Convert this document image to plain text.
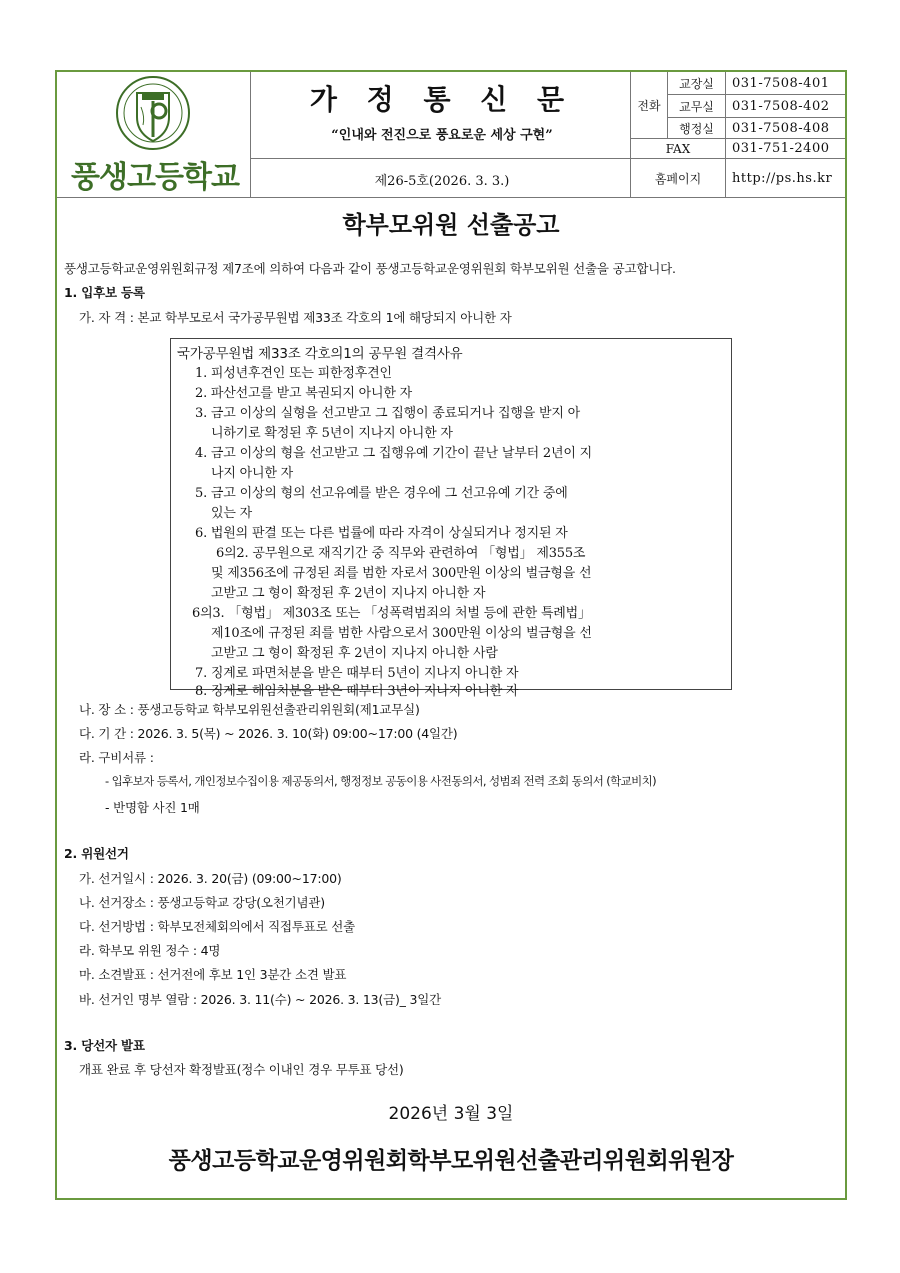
풍생고등학교
가 정 통 신 문
“인내와 전진으로 풍요로운 세상 구현”
제26-5호(2026. 3. 3.)
전화
교장실	031-7508-401
교무실	031-7508-402
행정실	031-7508-408
FAX	031-751-2400
홈페이지	http://ps.hs.kr
학부모위원 선출공고
풍생고등학교운영위원회규정 제7조에 의하여 다음과 같이 풍생고등학교운영위원회 학부모위원 선출을 공고합니다.
1. 입후보 등록
가. 자 격 : 본교 학부모로서 국가공무원법 제33조 각호의 1에 해당되지 아니한 자
국가공무원법 제33조 각호의1의 공무원 결격사유
1. 피성년후견인 또는 피한정후견인
2. 파산선고를 받고 복권되지 아니한 자
3. 금고 이상의 실형을 선고받고 그 집행이 종료되거나 집행을 받지 아
니하기로 확정된 후 5년이 지나지 아니한 자
4. 금고 이상의 형을 선고받고 그 집행유예 기간이 끝난 날부터 2년이 지
나지 아니한 자
5. 금고 이상의 형의 선고유예를 받은 경우에 그 선고유예 기간 중에
있는 자
6. 법원의 판결 또는 다른 법률에 따라 자격이 상실되거나 정지된 자
6의2. 공무원으로 재직기간 중 직무와 관련하여 「형법」 제355조
및 제356조에 규정된 죄를 범한 자로서 300만원 이상의 벌금형을 선
고받고 그 형이 확정된 후 2년이 지나지 아니한 자
6의3. 「형법」 제303조 또는 「성폭력범죄의 처벌 등에 관한 특례법」
제10조에 규정된 죄를 범한 사람으로서 300만원 이상의 벌금형을 선
고받고 그 형이 확정된 후 2년이 지나지 아니한 사람
7. 징계로 파면처분을 받은 때부터 5년이 지나지 아니한 자
8. 징계로 해임처분을 받은 때부터 3년이 지나지 아니한 자
나. 장 소 : 풍생고등학교 학부모위원선출관리위원회(제1교무실)
다. 기 간 : 2026. 3. 5(목) ~ 2026. 3. 10(화) 09:00~17:00 (4일간)
라. 구비서류 :
- 입후보자 등록서, 개인정보수집이용 제공동의서, 행정정보 공동이용 사전동의서, 성범죄 전력 조회 동의서 (학교비치)
- 반명함 사진 1매
2. 위원선거
가. 선거일시 : 2026. 3. 20(금) (09:00~17:00)
나. 선거장소 : 풍생고등학교 강당(오천기념관)
다. 선거방법 : 학부모전체회의에서 직접투표로 선출
라. 학부모 위원 정수 : 4명
마. 소견발표 : 선거전에 후보 1인 3분간 소견 발표
바. 선거인 명부 열람 : 2026. 3. 11(수) ~ 2026. 3. 13(금)_ 3일간
3. 당선자 발표
개표 완료 후 당선자 확정발표(정수 이내인 경우 무투표 당선)
2026년 3월 3일
풍생고등학교운영위원회학부모위원선출관리위원회위원장
